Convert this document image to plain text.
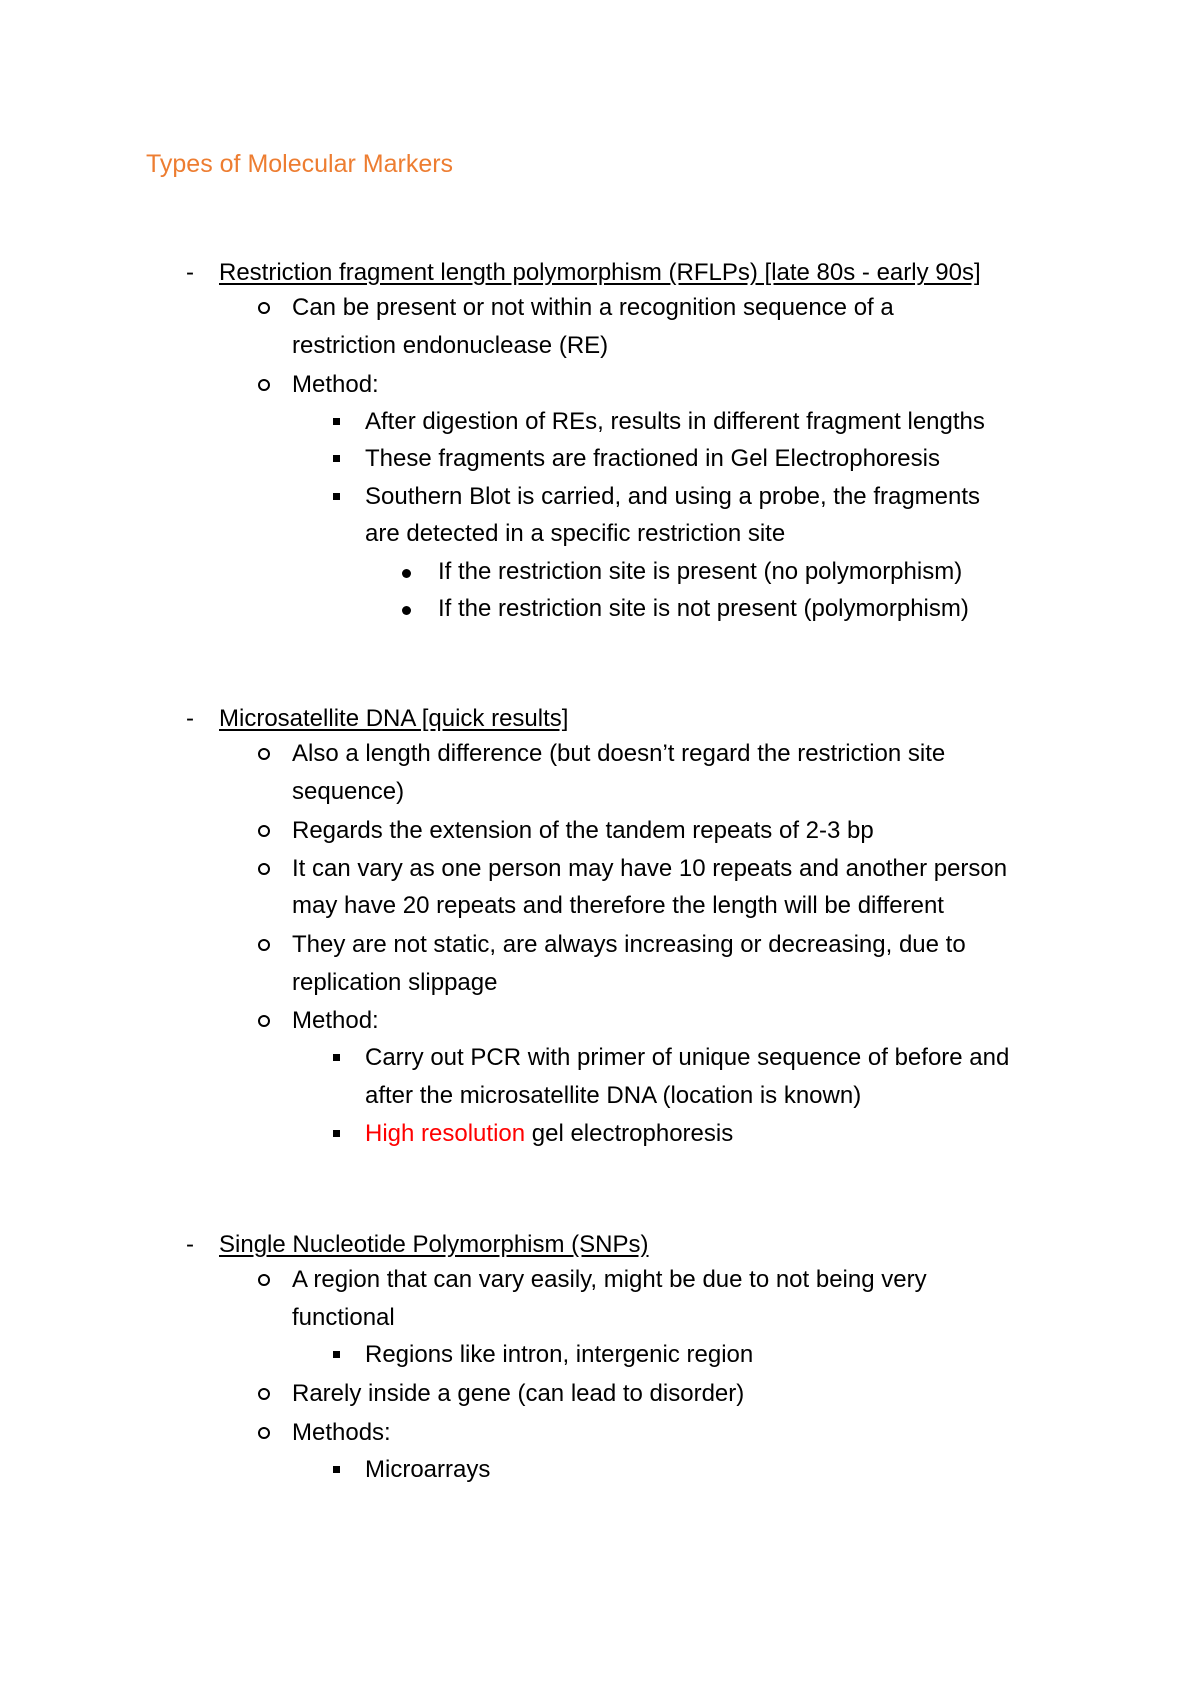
Types of Molecular Markers
- Restriction fragment length polymorphism (RFLPs) [late 80s - early 90s]
Can be present or not within a recognition sequence of a
restriction endonuclease (RE)
Method:
After digestion of REs, results in different fragment lengths
These fragments are fractioned in Gel Electrophoresis
Southern Blot is carried, and using a probe, the fragments
are detected in a specific restriction site
If the restriction site is present (no polymorphism)
If the restriction site is not present (polymorphism)
- Microsatellite DNA [quick results]
Also a length difference (but doesn’t regard the restriction site
sequence)
Regards the extension of the tandem repeats of 2-3 bp
It can vary as one person may have 10 repeats and another person
may have 20 repeats and therefore the length will be different
They are not static, are always increasing or decreasing, due to
replication slippage
Method:
Carry out PCR with primer of unique sequence of before and
after the microsatellite DNA (location is known)
High resolution gel electrophoresis
- Single Nucleotide Polymorphism (SNPs)
A region that can vary easily, might be due to not being very
functional
Regions like intron, intergenic region
Rarely inside a gene (can lead to disorder)
Methods:
Microarrays
